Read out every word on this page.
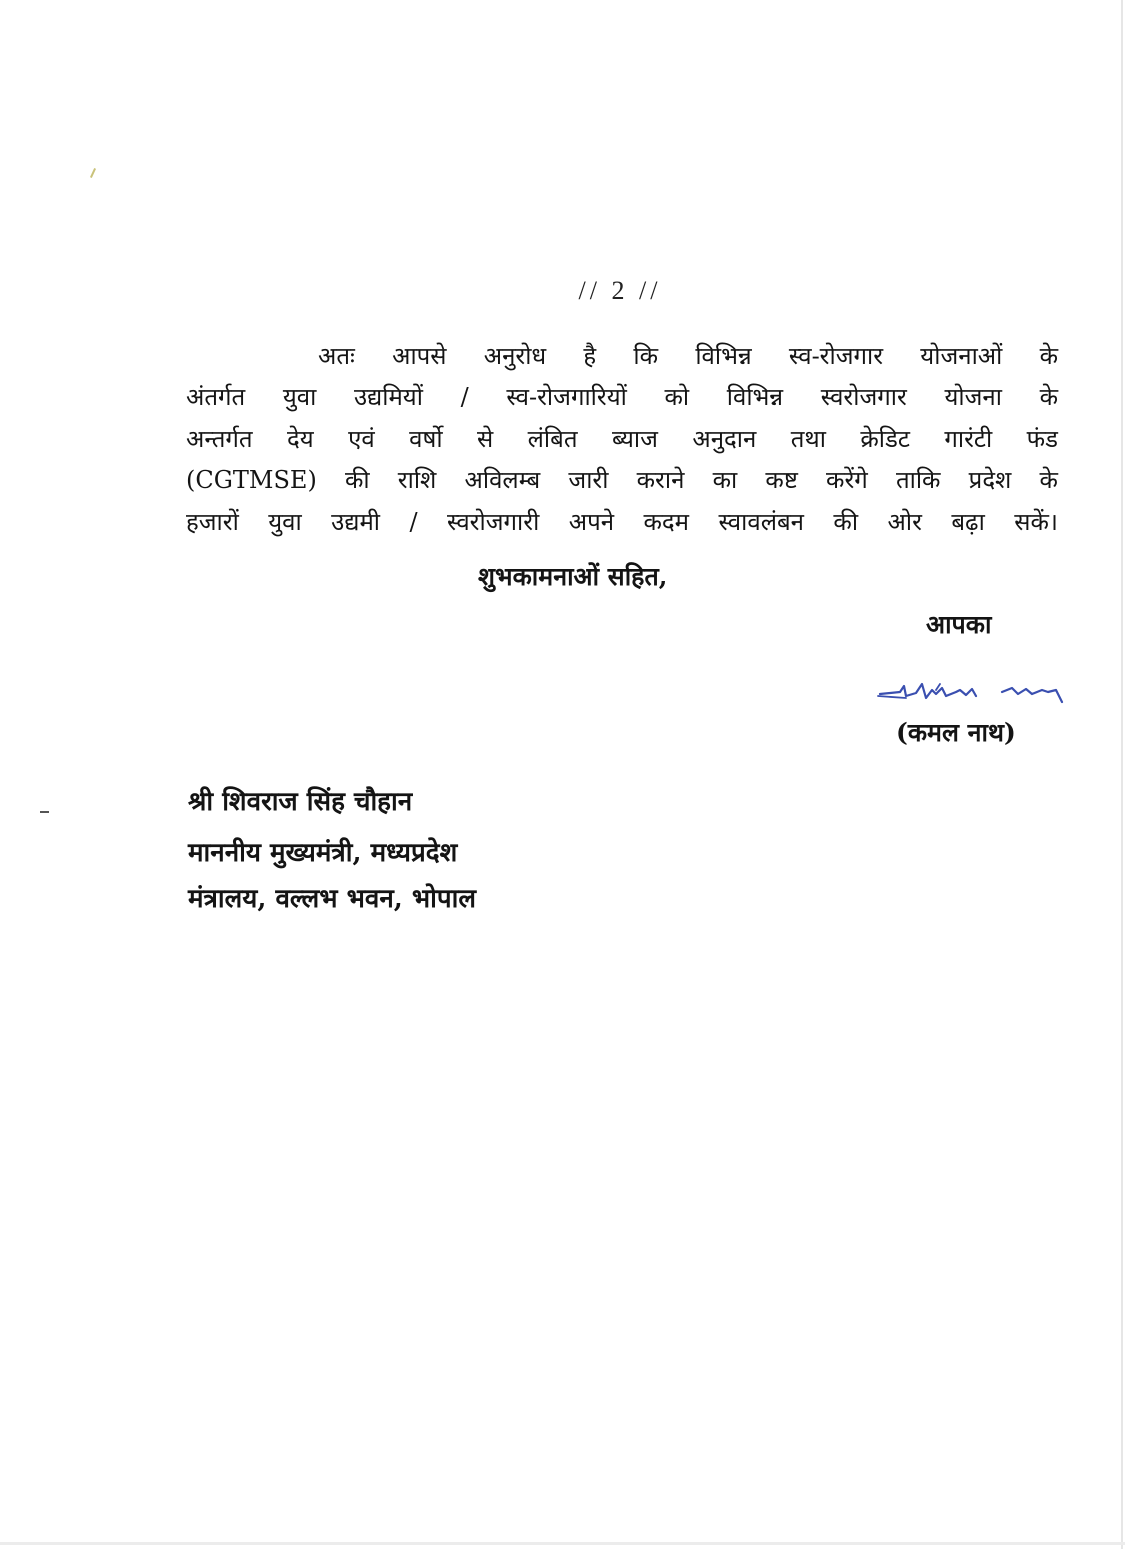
// 2 //
अतः आपसे अनुरोध है कि विभिन्न स्व-रोजगार योजनाओं के
अंतर्गत युवा उद्यमियों / स्व-रोजगारियों को विभिन्न स्वरोजगार योजना के
अन्तर्गत देय एवं वर्षो से लंबित ब्याज अनुदान तथा क्रेडिट गारंटी फंड
(CGTMSE) की राशि अविलम्ब जारी कराने का कष्ट करेंगे ताकि प्रदेश के
हजारों युवा उद्यमी / स्वरोजगारी अपने कदम स्वावलंबन की ओर बढ़ा सकें।
शुभकामनाओं सहित,
आपका
(कमल नाथ)
श्री शिवराज सिंह चौहान
माननीय मुख्यमंत्री, मध्यप्रदेश
मंत्रालय, वल्लभ भवन, भोपाल
